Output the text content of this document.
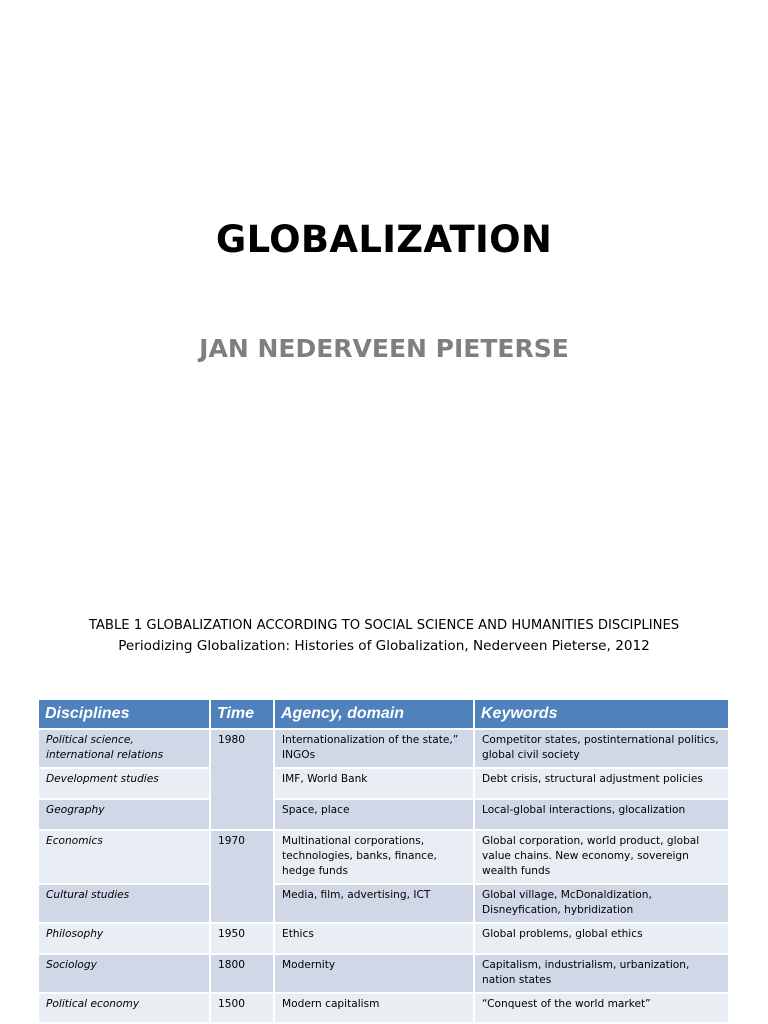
GLOBALIZATION
JAN NEDERVEEN PIETERSE
TABLE 1 GLOBALIZATION ACCORDING TO SOCIAL SCIENCE AND HUMANITIES DISCIPLINES
Periodizing Globalization: Histories of Globalization, Nederveen Pieterse, 2012
Disciplines	Time	Agency, domain	Keywords
Political science, international relations	1980	Internationalization of the state,” INGOs	Competitor states, postinternational politics, global civil society
Development studies		IMF, World Bank	Debt crisis, structural adjustment policies
Geography		Space, place	Local-global interactions, glocalization
Economics	1970	Multinational corporations, technologies, banks, finance, hedge funds	Global corporation, world product, global value chains. New economy, sovereign wealth funds
Cultural studies		Media, film, advertising, ICT	Global village, McDonaldization, Disneyfication, hybridization
Philosophy	1950	Ethics	Global problems, global ethics
Sociology	1800	Modernity	Capitalism, industrialism, urbanization, nation states
Political economy	1500	Modern capitalism	“Conquest of the world market”
